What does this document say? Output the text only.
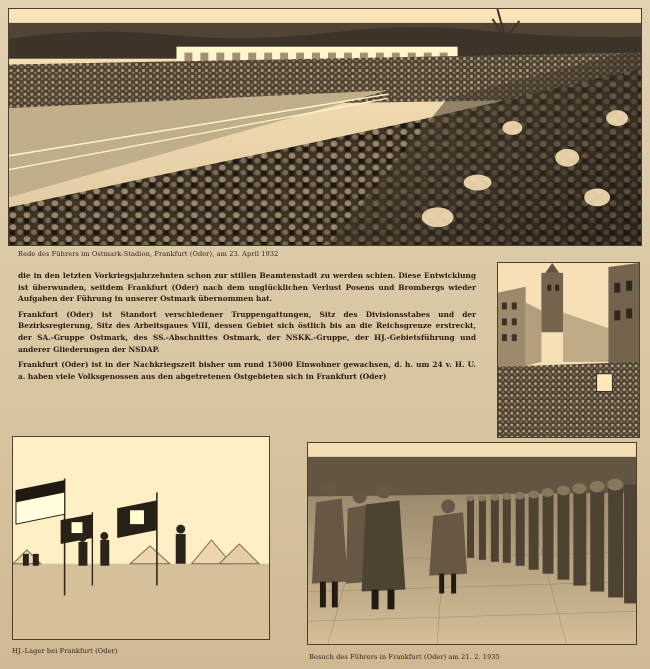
Rede des Führers im Ostmark-Stadion, Frankfurt (Oder), am 23. April 1932

die in den letzten Vorkriegsjahrzehnten schon zur stillen Beamtenstadt zu werden schien. Diese Entwicklung ist überwunden, seitdem Frankfurt (Oder) nach dem unglücklichen Verlust Posens und Brombergs wieder Aufgaben der Führung in unserer Ostmark übernommen hat.

Frankfurt (Oder) ist Standort verschiedener Truppengattungen, Sitz des Divisionsstabes und der Bezirksregierung, Sitz des Arbeitsgaues VIII, dessen Gebiet sich östlich bis an die Reichsgrenze erstreckt, der SA.-Gruppe Ostmark, des SS.-Abschnittes Ostmark, der NSKK.-Gruppe, der HJ.-Gebietsführung und anderer Gliederungen der NSDAP.

Frankfurt (Oder) ist in der Nachkriegszeit bisher um rund 15000 Einwohner gewachsen, d. h. um 24 v. H. U. a. haben viele Volksgenossen aus den abgetretenen Ostgebieten sich in Frankfurt (Oder)

HJ.-Lager bei Frankfurt (Oder)
Besuch des Führers in Frankfurt (Oder) am 21. 2. 1935
